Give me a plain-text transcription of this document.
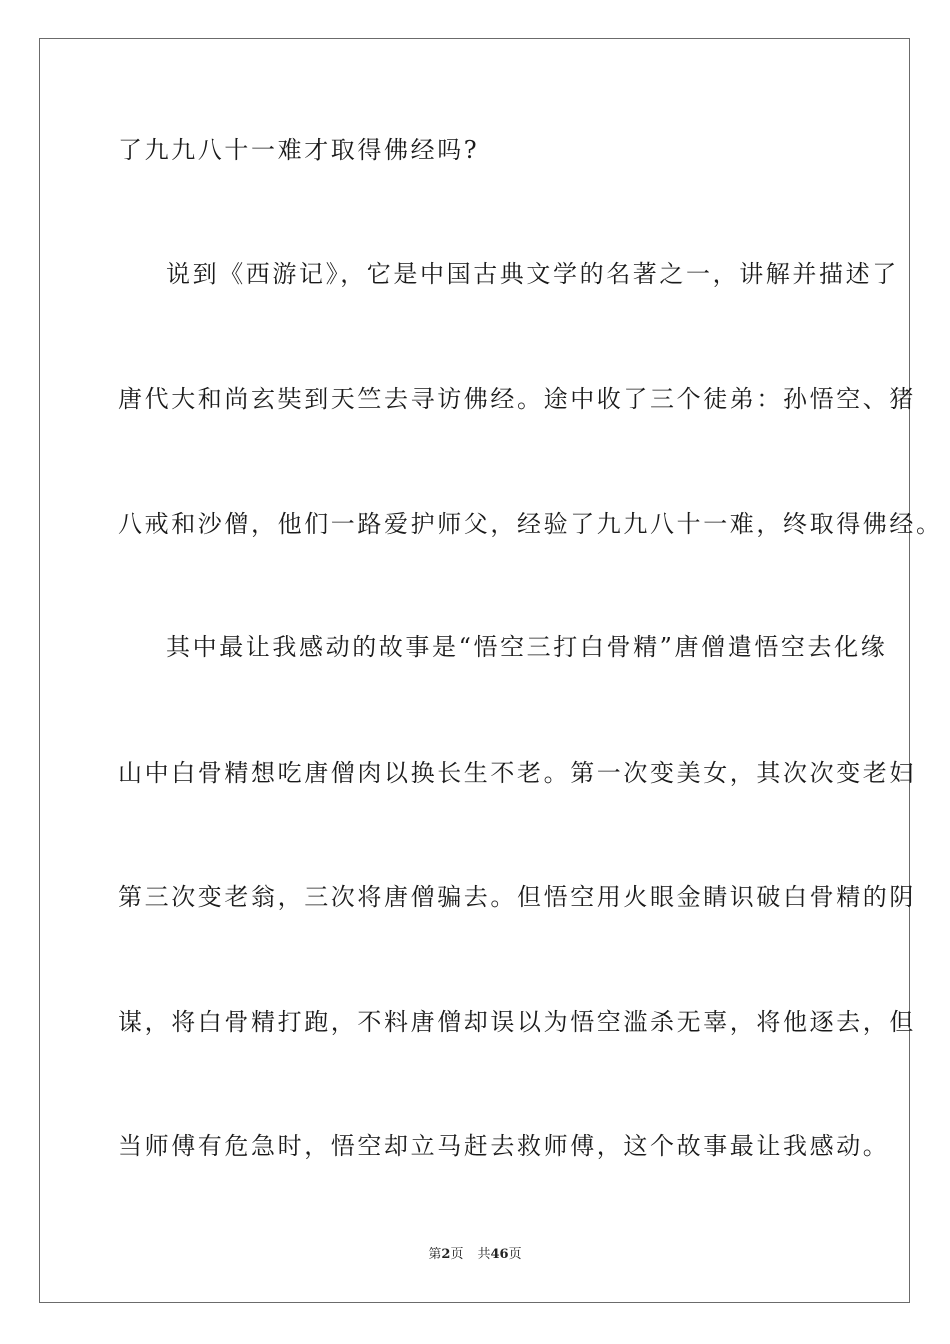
了九九八十一难才取得佛经吗?
说到《西游记》，它是中国古典文学的名著之一，讲解并描述了
唐代大和尚玄奘到天竺去寻访佛经。途中收了三个徒弟：孙悟空、猪
八戒和沙僧，他们一路爱护师父，经验了九九八十一难，终取得佛经。
其中最让我感动的故事是“悟空三打白骨精”唐僧遣悟空去化缘
山中白骨精想吃唐僧肉以换长生不老。第一次变美女，其次次变老妇
第三次变老翁，三次将唐僧骗去。但悟空用火眼金睛识破白骨精的阴
谋，将白骨精打跑，不料唐僧却误以为悟空滥杀无辜，将他逐去，但
当师傅有危急时，悟空却立马赶去救师傅，这个故事最让我感动。
第2页 共46页
